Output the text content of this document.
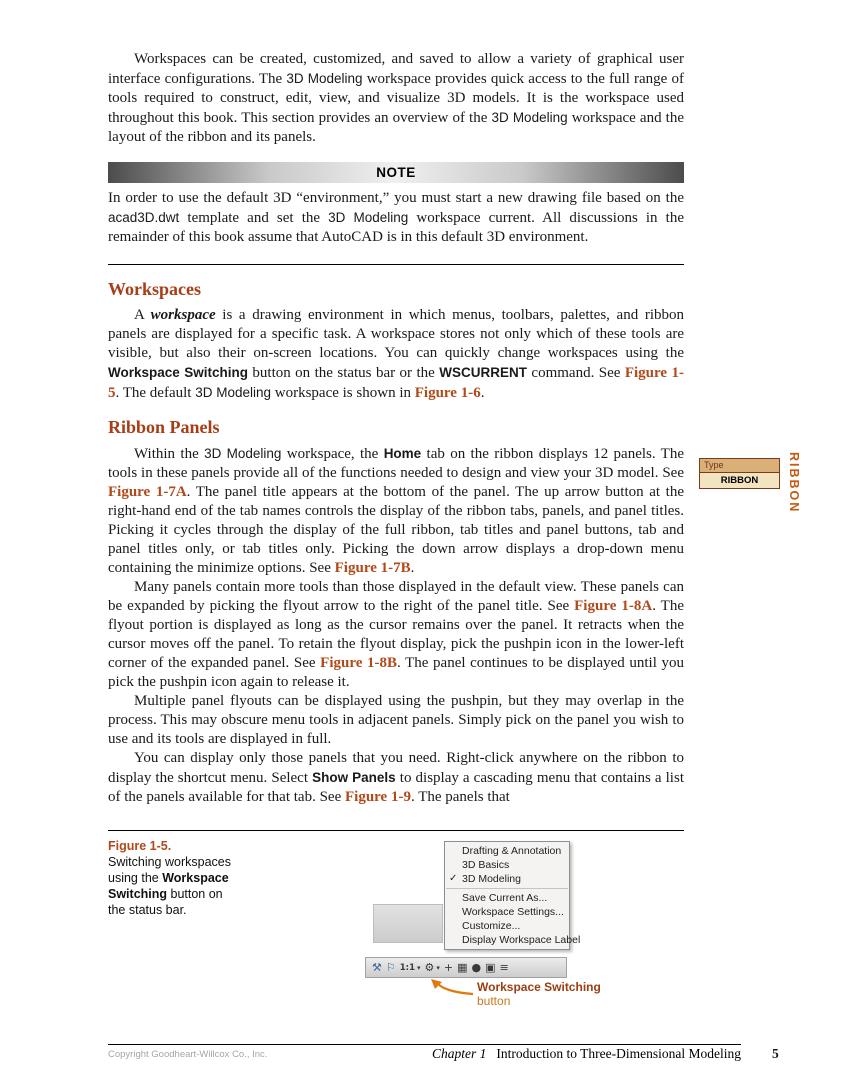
Workspaces can be created, customized, and saved to allow a variety of graphical user interface configurations. The 3D Modeling workspace provides quick access to the full range of tools required to construct, edit, view, and visualize 3D models. It is the workspace used throughout this book. This section provides an overview of the 3D Modeling workspace and the layout of the ribbon and its panels.

NOTE

In order to use the default 3D “environment,” you must start a new drawing file based on the acad3D.dwt template and set the 3D Modeling workspace current. All discussions in the remainder of this book assume that AutoCAD is in this default 3D environment.

Workspaces

A workspace is a drawing environment in which menus, toolbars, palettes, and ribbon panels are displayed for a specific task. A workspace stores not only which of these tools are visible, but also their on-screen locations. You can quickly change workspaces using the Workspace Switching button on the status bar or the WSCURRENT command. See Figure 1-5. The default 3D Modeling workspace is shown in Figure 1-6.

Ribbon Panels

Within the 3D Modeling workspace, the Home tab on the ribbon displays 12 panels. The tools in these panels provide all of the functions needed to design and view your 3D model. See Figure 1-7A. The panel title appears at the bottom of the panel. The up arrow button at the right-hand end of the tab names controls the display of the ribbon tabs, panels, and panel titles. Picking it cycles through the display of the full ribbon, tab titles and panel buttons, tab and panel titles only, or tab titles only. Picking the down arrow displays a drop-down menu containing the minimize options. See Figure 1-7B.

Many panels contain more tools than those displayed in the default view. These panels can be expanded by picking the flyout arrow to the right of the panel title. See Figure 1-8A. The flyout portion is displayed as long as the cursor remains over the panel. It retracts when the cursor moves off the panel. To retain the flyout display, pick the pushpin icon in the lower-left corner of the expanded panel. See Figure 1-8B. The panel continues to be displayed until you pick the pushpin icon again to release it.

Multiple panel flyouts can be displayed using the pushpin, but they may overlap in the process. This may obscure menu tools in adjacent panels. Simply pick on the panel you wish to use and its tools are displayed in full.

You can display only those panels that you need. Right-click anywhere on the ribbon to display the shortcut menu. Select Show Panels to display a cascading menu that contains a list of the panels available for that tab. See Figure 1-9. The panels that

Type
RIBBON	RIBBON
Figure 1-5.
Switching workspaces using the Workspace Switching button on the status bar.
Drafting & Annotation
3D Basics
✓ 3D Modeling
Save Current As...
Workspace Settings...
Customize...
Display Workspace Label
⚒ ⚐ 1:1 ▾ ⚙ ▾ + ▦ ● ▣ ≡
Workspace Switching
button
Copyright Goodheart-Willcox Co., Inc.	Chapter 1 Introduction to Three-Dimensional Modeling 5
